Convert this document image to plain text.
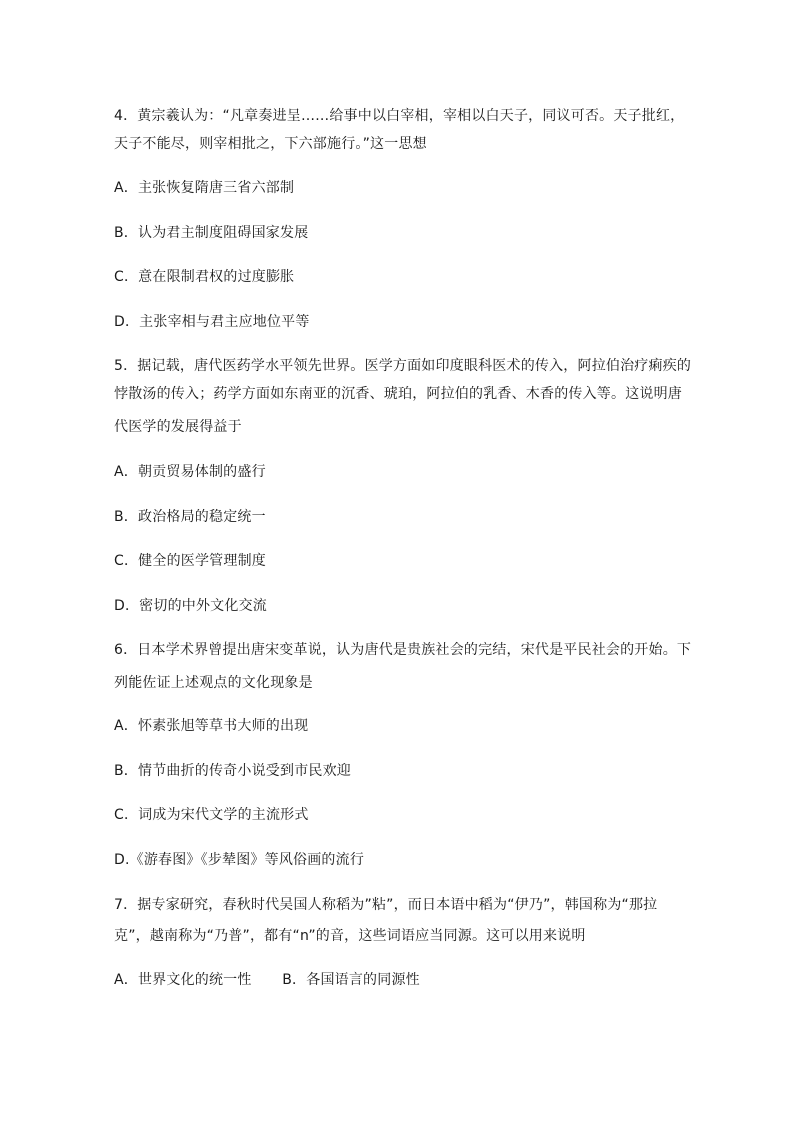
4．黄宗羲认为：“凡章奏进呈……给事中以白宰相，宰相以白天子，同议可否。天子批红，
天子不能尽，则宰相批之，下六部施行。”这一思想
A．主张恢复隋唐三省六部制
B．认为君主制度阻碍国家发展
C．意在限制君权的过度膨胀
D．主张宰相与君主应地位平等
5．据记载，唐代医药学水平领先世界。医学方面如印度眼科医术的传入，阿拉伯治疗痢疾的
悖散汤的传入；药学方面如东南亚的沉香、琥珀，阿拉伯的乳香、木香的传入等。这说明唐
代医学的发展得益于
A．朝贡贸易体制的盛行
B．政治格局的稳定统一
C．健全的医学管理制度
D．密切的中外文化交流
6．日本学术界曾提出唐宋变革说，认为唐代是贵族社会的完结，宋代是平民社会的开始。下
列能佐证上述观点的文化现象是
A．怀素张旭等草书大师的出现
B．情节曲折的传奇小说受到市民欢迎
C．词成为宋代文学的主流形式
D.《游春图》《步辇图》等风俗画的流行
7．据专家研究，春秋时代吴国人称稻为”粘”，而日本语中稻为“伊乃”，韩国称为“那拉
克”，越南称为“乃普”，都有“n”的音，这些词语应当同源。这可以用来说明
A．世界文化的统一性 B．各国语言的同源性
